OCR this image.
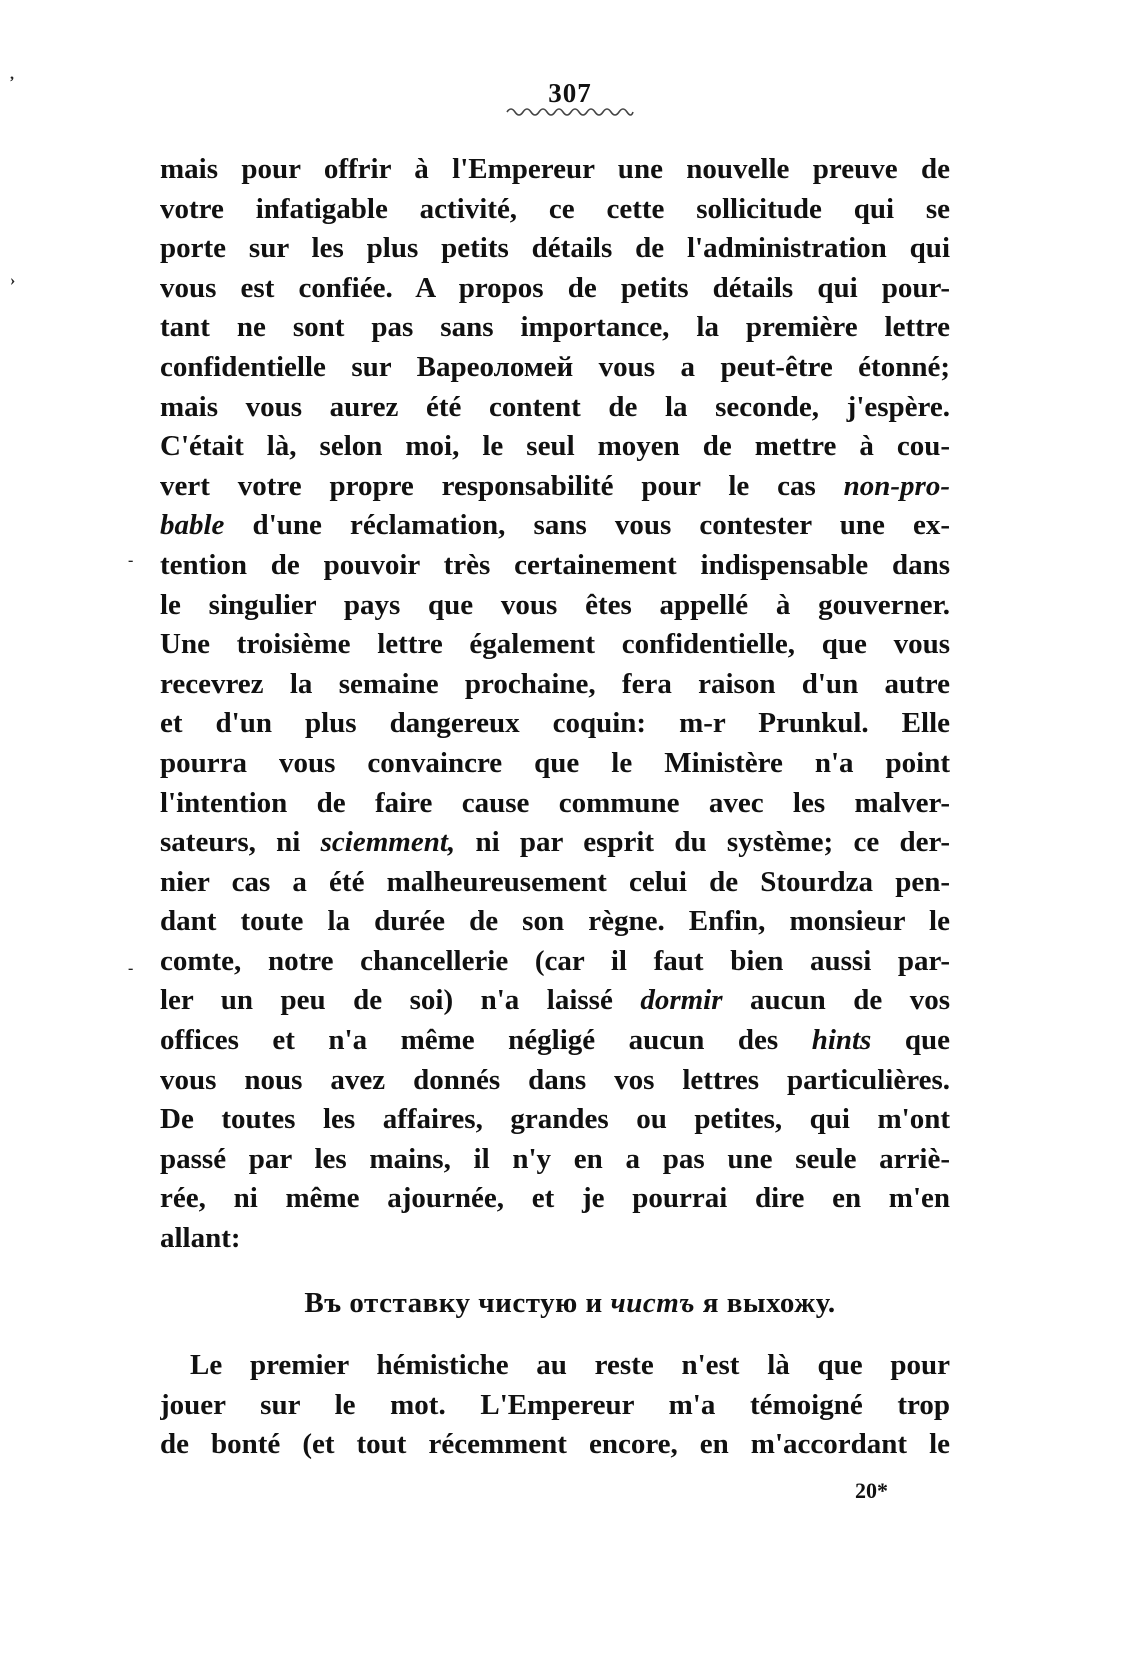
307
mais pour offrir à l'Empereur une nouvelle preuve de
votre infatigable activité, ce cette sollicitude qui se
porte sur les plus petits détails de l'administration qui
vous est confiée. A propos de petits détails qui pour-
tant ne sont pas sans importance, la première lettre
confidentielle sur Вареоломей vous a peut-être étonné;
mais vous aurez été content de la seconde, j'espère.
C'était là, selon moi, le seul moyen de mettre à cou-
vert votre propre responsabilité pour le cas non-pro-
bable d'une réclamation, sans vous contester une ex-
tention de pouvoir très certainement indispensable dans
le singulier pays que vous êtes appellé à gouverner.
Une troisième lettre également confidentielle, que vous
recevrez la semaine prochaine, fera raison d'un autre
et d'un plus dangereux coquin: m-r Prunkul. Elle
pourra vous convaincre que le Ministère n'a point
l'intention de faire cause commune avec les malver-
sateurs, ni sciemment, ni par esprit du système; ce der-
nier cas a été malheureusement celui de Stourdza pen-
dant toute la durée de son règne. Enfin, monsieur le
comte, notre chancellerie (car il faut bien aussi par-
ler un peu de soi) n'a laissé dormir aucun de vos
offices et n'a même négligé aucun des hints que
vous nous avez donnés dans vos lettres particulières.
De toutes les affaires, grandes ou petites, qui m'ont
passé par les mains, il n'y en a pas une seule arriè-
rée, ni même ajournée, et je pourrai dire en m'en
allant:
Въ отставку чистую и чистъ я выхожу.
Le premier hémistiche au reste n'est là que pour
jouer sur le mot. L'Empereur m'a témoigné trop
de bonté (et tout récemment encore, en m'accordant le
20*
,
›
-
-
